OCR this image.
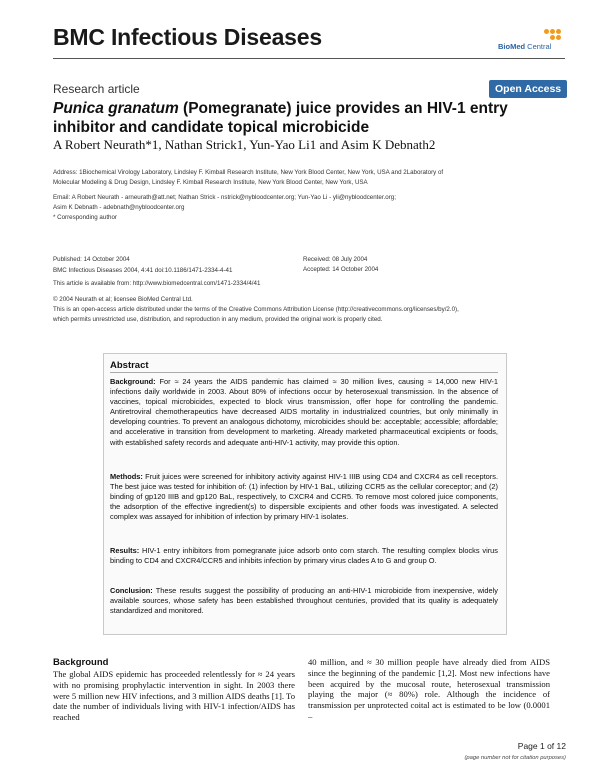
BMC Infectious Diseases	BioMed Central
Research article	Open Access
Punica granatum (Pomegranate) juice provides an HIV-1 entry inhibitor and candidate topical microbicide
A Robert Neurath*1, Nathan Strick1, Yun-Yao Li1 and Asim K Debnath2
Address: 1Biochemical Virology Laboratory, Lindsley F. Kimball Research Institute, New York Blood Center, New York, USA and 2Laboratory of
Molecular Modeling & Drug Design, Lindsley F. Kimball Research Institute, New York Blood Center, New York, USA
Email: A Robert Neurath - arneurath@att.net; Nathan Strick - nstrick@nybloodcenter.org; Yun-Yao Li - yli@nybloodcenter.org;
Asim K Debnath - adebnath@nybloodcenter.org
* Corresponding author
Published: 14 October 2004	Received: 08 July 2004
BMC Infectious Diseases 2004, 4:41 doi:10.1186/1471-2334-4-41	Accepted: 14 October 2004
This article is available from: http://www.biomedcentral.com/1471-2334/4/41
© 2004 Neurath et al; licensee BioMed Central Ltd.
This is an open-access article distributed under the terms of the Creative Commons Attribution License (http://creativecommons.org/licenses/by/2.0),
which permits unrestricted use, distribution, and reproduction in any medium, provided the original work is properly cited.
Abstract
Background: For ≈ 24 years the AIDS pandemic has claimed ≈ 30 million lives, causing ≈ 14,000 new HIV-1 infections daily worldwide in 2003. About 80% of infections occur by heterosexual transmission. In the absence of vaccines, topical microbicides, expected to block virus transmission, offer hope for controlling the pandemic. Antiretroviral chemotherapeutics have decreased AIDS mortality in industrialized countries, but only minimally in developing countries. To prevent an analogous dichotomy, microbicides should be: acceptable; accessible; affordable; and accelerative in transition from development to marketing. Already marketed pharmaceutical excipients or foods, with established safety records and adequate anti-HIV-1 activity, may provide this option.
Methods: Fruit juices were screened for inhibitory activity against HIV-1 IIIB using CD4 and CXCR4 as cell receptors. The best juice was tested for inhibition of: (1) infection by HIV-1 BaL, utilizing CCR5 as the cellular coreceptor; and (2) binding of gp120 IIIB and gp120 BaL, respectively, to CXCR4 and CCR5. To remove most colored juice components, the adsorption of the effective ingredient(s) to dispersible excipients and other foods was investigated. A selected complex was assayed for inhibition of infection by primary HIV-1 isolates.
Results: HIV-1 entry inhibitors from pomegranate juice adsorb onto corn starch. The resulting complex blocks virus binding to CD4 and CXCR4/CCR5 and inhibits infection by primary virus clades A to G and group O.
Conclusion: These results suggest the possibility of producing an anti-HIV-1 microbicide from inexpensive, widely available sources, whose safety has been established throughout centuries, provided that its quality is adequately standardized and monitored.
Background
The global AIDS epidemic has proceeded relentlessly for ≈ 24 years with no promising prophylactic intervention in sight. In 2003 there were 5 million new HIV infections, and 3 million AIDS deaths [1]. To date the number of individuals living with HIV-1 infection/AIDS has reached
40 million, and ≈ 30 million people have already died from AIDS since the beginning of the pandemic [1,2]. Most new infections have been acquired by the mucosal route, heterosexual transmission playing the major (≈ 80%) role. Although the incidence of transmission per unprotected coital act is estimated to be low (0.0001 –
Page 1 of 12
(page number not for citation purposes)
